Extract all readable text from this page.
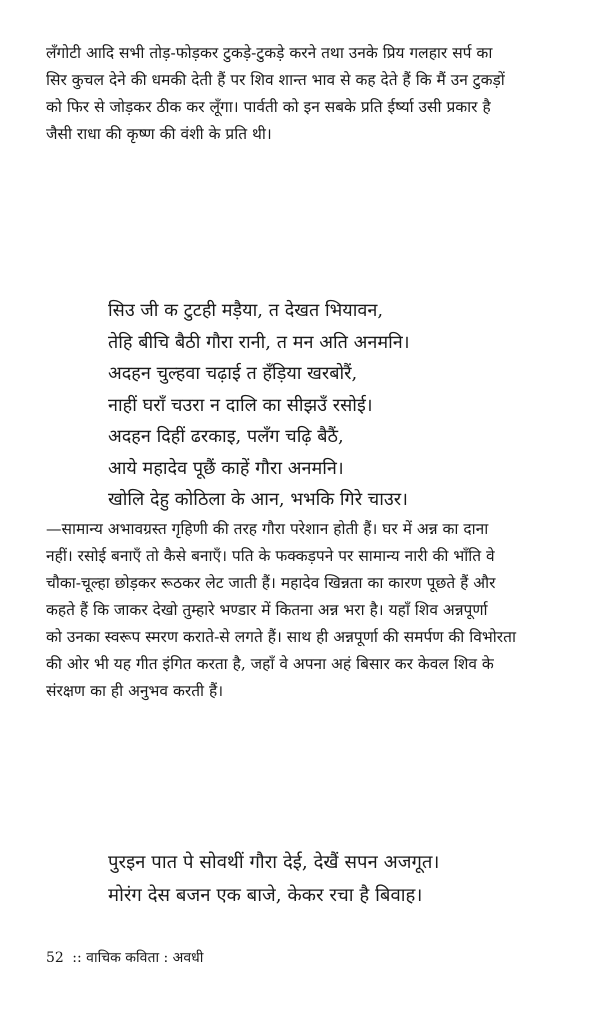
लँगोटी आदि सभी तोड़-फोड़कर टुकड़े-टुकड़े करने तथा उनके प्रिय गलहार सर्प का
सिर कुचल देने की धमकी देती हैं पर शिव शान्त भाव से कह देते हैं कि मैं उन टुकड़ों
को फिर से जोड़कर ठीक कर लूँगा। पार्वती को इन सबके प्रति ईर्ष्या उसी प्रकार है
जैसी राधा की कृष्ण की वंशी के प्रति थी।

सिउ जी क टुटही मड़ैया, त देखत भियावन,
तेहि बीचि बैठी गौरा रानी, त मन अति अनमनि।
अदहन चुल्हवा चढ़ाई त हँड़िया खरबोरैं,
नाहीं घराँ चउरा न दालि का सीझउँ रसोई।
अदहन दिहीं ढरकाइ, पलँग चढ़ि बैठैं,
आये महादेव पूछैं काहें गौरा अनमनि।
खोलि देहु कोठिला के आन, भभकि गिरे चाउर।

—सामान्य अभावग्रस्त गृहिणी की तरह गौरा परेशान होती हैं। घर में अन्न का दाना
नहीं। रसोई बनाएँ तो कैसे बनाएँ। पति के फक्कड़पने पर सामान्य नारी की भाँति वे
चौका-चूल्हा छोड़कर रूठकर लेट जाती हैं। महादेव खिन्नता का कारण पूछते हैं और
कहते हैं कि जाकर देखो तुम्हारे भण्डार में कितना अन्न भरा है। यहाँ शिव अन्नपूर्णा
को उनका स्वरूप स्मरण कराते-से लगते हैं। साथ ही अन्नपूर्णा की समर्पण की विभोरता
की ओर भी यह गीत इंगित करता है, जहाँ वे अपना अहं बिसार कर केवल शिव के
संरक्षण का ही अनुभव करती हैं।

पुरइन पात पे सोवथीं गौरा देई, देखैं सपन अजगूत।
मोरंग देस बजन एक बाजे, केकर रचा है बिवाह।
52 :: वाचिक कविता : अवधी
